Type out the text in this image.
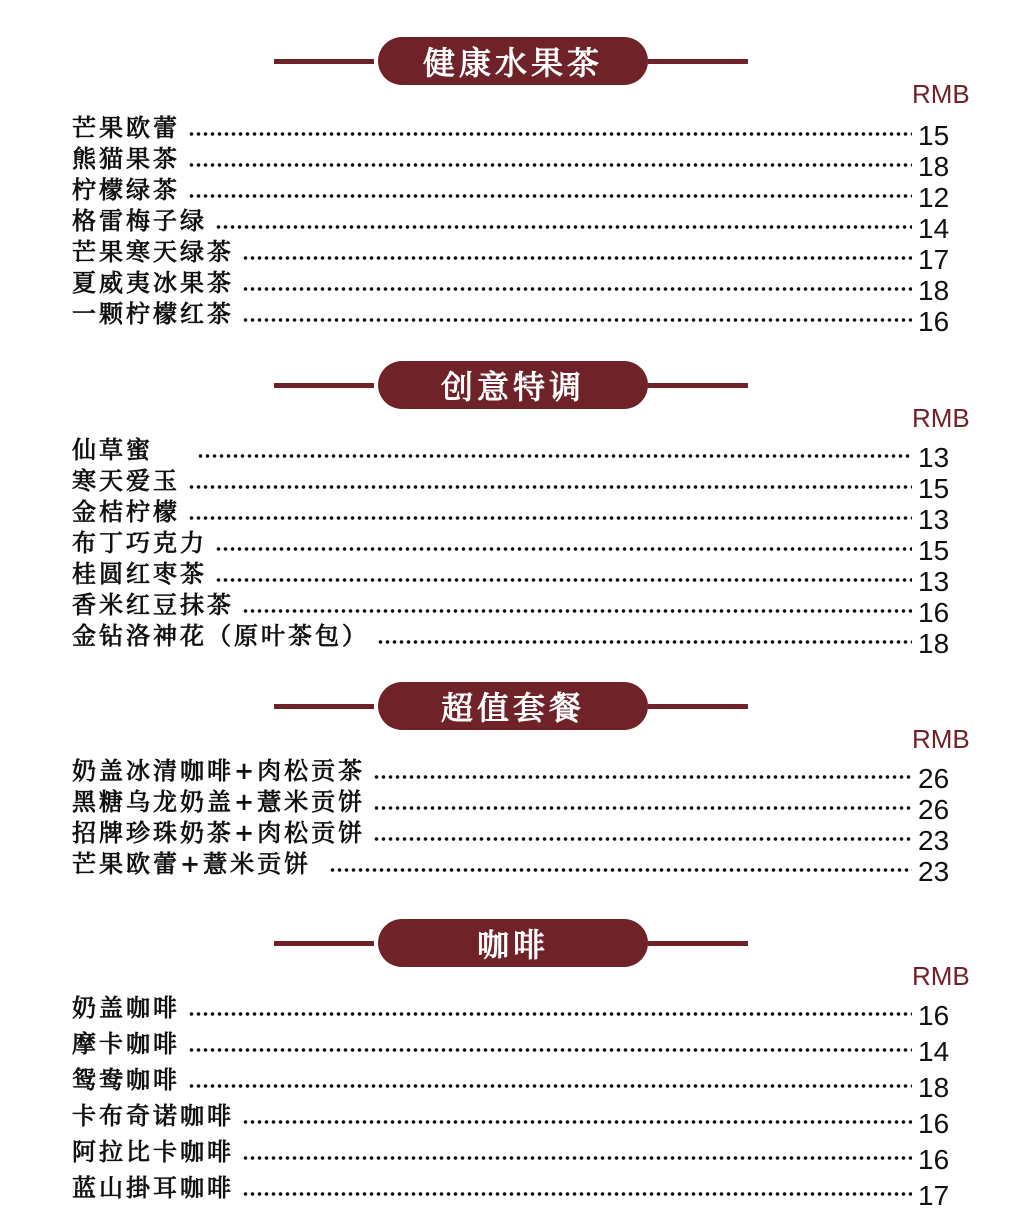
健康水果茶
RMB
芒果欧蕾	15
熊猫果茶	18
柠檬绿茶	12
格雷梅子绿	14
芒果寒天绿茶	17
夏威夷冰果茶	18
一颗柠檬红茶	16
创意特调
RMB
仙草蜜	13
寒天爱玉	15
金桔柠檬	13
布丁巧克力	15
桂圆红枣茶	13
香米红豆抹茶	16
金钻洛神花（原叶茶包）	18
超值套餐
RMB
奶盖冰清咖啡+肉松贡茶	26
黑糖乌龙奶盖+薏米贡饼	26
招牌珍珠奶茶+肉松贡饼	23
芒果欧蕾+薏米贡饼	23
咖啡
RMB
奶盖咖啡	16
摩卡咖啡	14
鸳鸯咖啡	18
卡布奇诺咖啡	16
阿拉比卡咖啡	16
蓝山掛耳咖啡	17
